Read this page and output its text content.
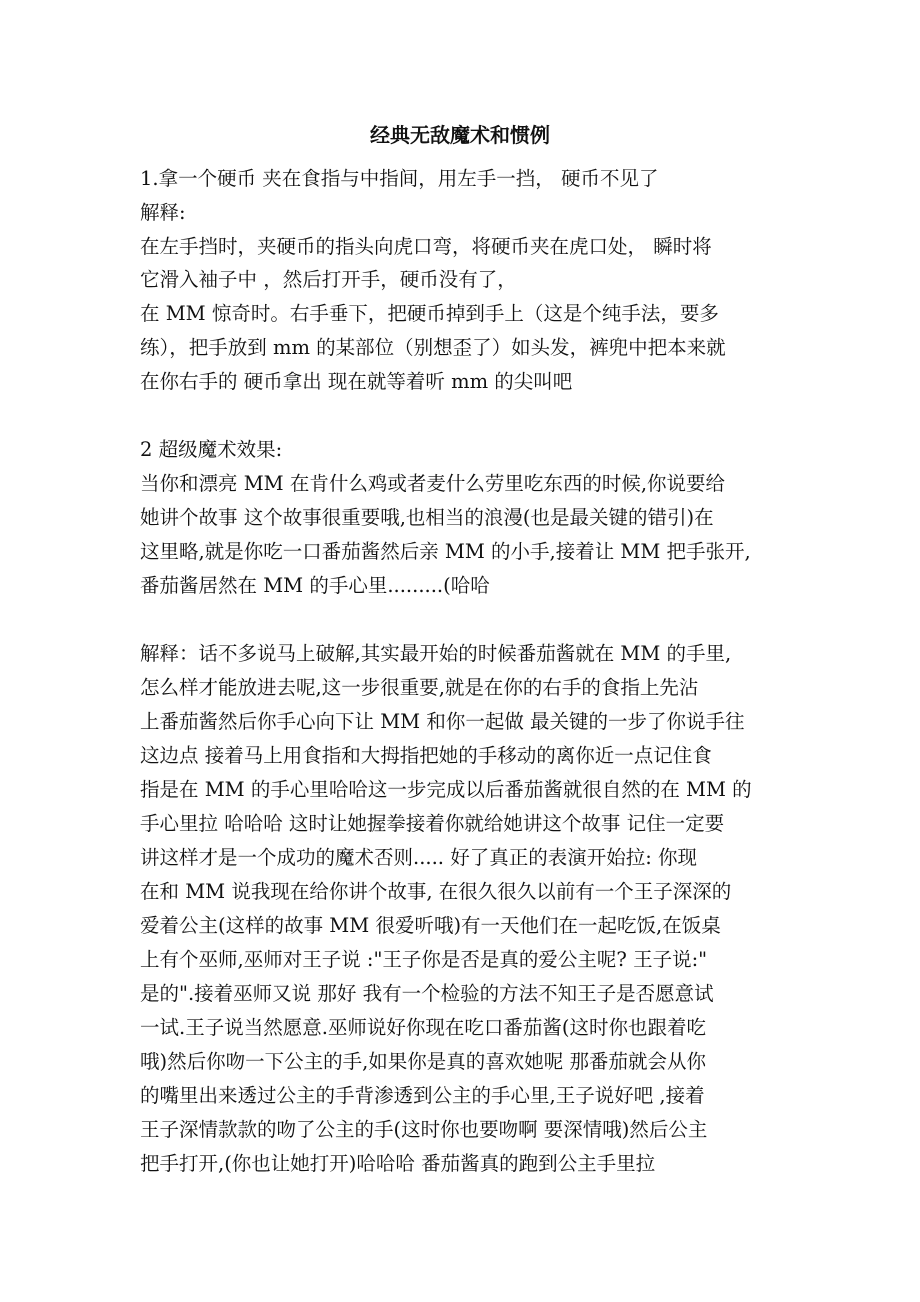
经典无敌魔术和惯例
1.拿一个硬币 夹在食指与中指间，用左手一挡， 硬币不见了
解释:
在左手挡时，夹硬币的指头向虎口弯，将硬币夹在虎口处， 瞬时将
它滑入袖子中 ，然后打开手，硬币没有了，
在 MM 惊奇时。右手垂下，把硬币掉到手上（这是个纯手法，要多
练），把手放到 mm 的某部位（别想歪了）如头发，裤兜中把本来就
在你右手的 硬币拿出 现在就等着听 mm 的尖叫吧
2 超级魔术效果:
当你和漂亮 MM 在肯什么鸡或者麦什么劳里吃东西的时候,你说要给
她讲个故事 这个故事很重要哦,也相当的浪漫(也是最关键的错引)在
这里略,就是你吃一口番茄酱然后亲 MM 的小手,接着让 MM 把手张开,
番茄酱居然在 MM 的手心里.........(哈哈
解释：话不多说马上破解,其实最开始的时候番茄酱就在 MM 的手里,
怎么样才能放进去呢,这一步很重要,就是在你的右手的食指上先沾
上番茄酱然后你手心向下让 MM 和你一起做 最关键的一步了你说手往
这边点 接着马上用食指和大拇指把她的手移动的离你近一点记住食
指是在 MM 的手心里哈哈这一步完成以后番茄酱就很自然的在 MM 的
手心里拉 哈哈哈 这时让她握拳接着你就给她讲这个故事 记住一定要
讲这样才是一个成功的魔术否则..... 好了真正的表演开始拉: 你现
在和 MM 说我现在给你讲个故事, 在很久很久以前有一个王子深深的
爱着公主(这样的故事 MM 很爱听哦)有一天他们在一起吃饭,在饭桌
上有个巫师,巫师对王子说 :"王子你是否是真的爱公主呢? 王子说:"
是的".接着巫师又说 那好 我有一个检验的方法不知王子是否愿意试
一试.王子说当然愿意.巫师说好你现在吃口番茄酱(这时你也跟着吃
哦)然后你吻一下公主的手,如果你是真的喜欢她呢 那番茄就会从你
的嘴里出来透过公主的手背渗透到公主的手心里,王子说好吧 ,接着
王子深情款款的吻了公主的手(这时你也要吻啊 要深情哦)然后公主
把手打开,(你也让她打开)哈哈哈 番茄酱真的跑到公主手里拉
